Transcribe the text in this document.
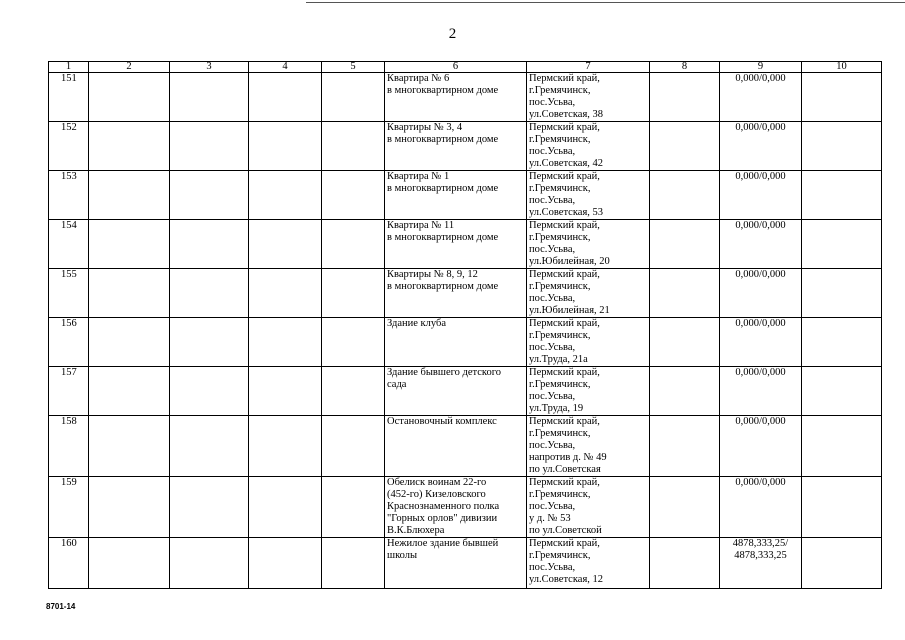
2
1	2	3	4	5	6	7	8	9	10
151					Квартира № 6
в многоквартирном доме	Пермский край,
г.Гремячинск,
пос.Усьва,
ул.Советская, 38		0,000/0,000	

152					Квартиры № 3, 4
в многоквартирном доме	Пермский край,
г.Гремячинск,
пос.Усьва,
ул.Советская, 42		0,000/0,000	

153					Квартира № 1
в многоквартирном доме	Пермский край,
г.Гремячинск,
пос.Усьва,
ул.Советская, 53		0,000/0,000	

154					Квартира № 11
в многоквартирном доме	Пермский край,
г.Гремячинск,
пос.Усьва,
ул.Юбилейная, 20		0,000/0,000	

155					Квартиры № 8, 9, 12
в многоквартирном доме	Пермский край,
г.Гремячинск,
пос.Усьва,
ул.Юбилейная, 21		0,000/0,000	

156					Здание клуба	Пермский край,
г.Гремячинск,
пос.Усьва,
ул.Труда, 21а		0,000/0,000	

157					Здание бывшего детского
сада	Пермский край,
г.Гремячинск,
пос.Усьва,
ул.Труда, 19		0,000/0,000	

158					Остановочный комплекс	Пермский край,
г.Гремячинск,
пос.Усьва,
напротив д. № 49
по ул.Советская		0,000/0,000	

159					Обелиск воинам 22-го
(452-го) Кизеловского
Краснознаменного полка
"Горных орлов" дивизии
В.К.Блюхера	Пермский край,
г.Гремячинск,
пос.Усьва,
у д. № 53
по ул.Советской		0,000/0,000	

160					Нежилое здание бывшей
школы	Пермский край,
г.Гремячинск,
пос.Усьва,
ул.Советская, 12		4878,333,25/
4878,333,25	

8701-14
